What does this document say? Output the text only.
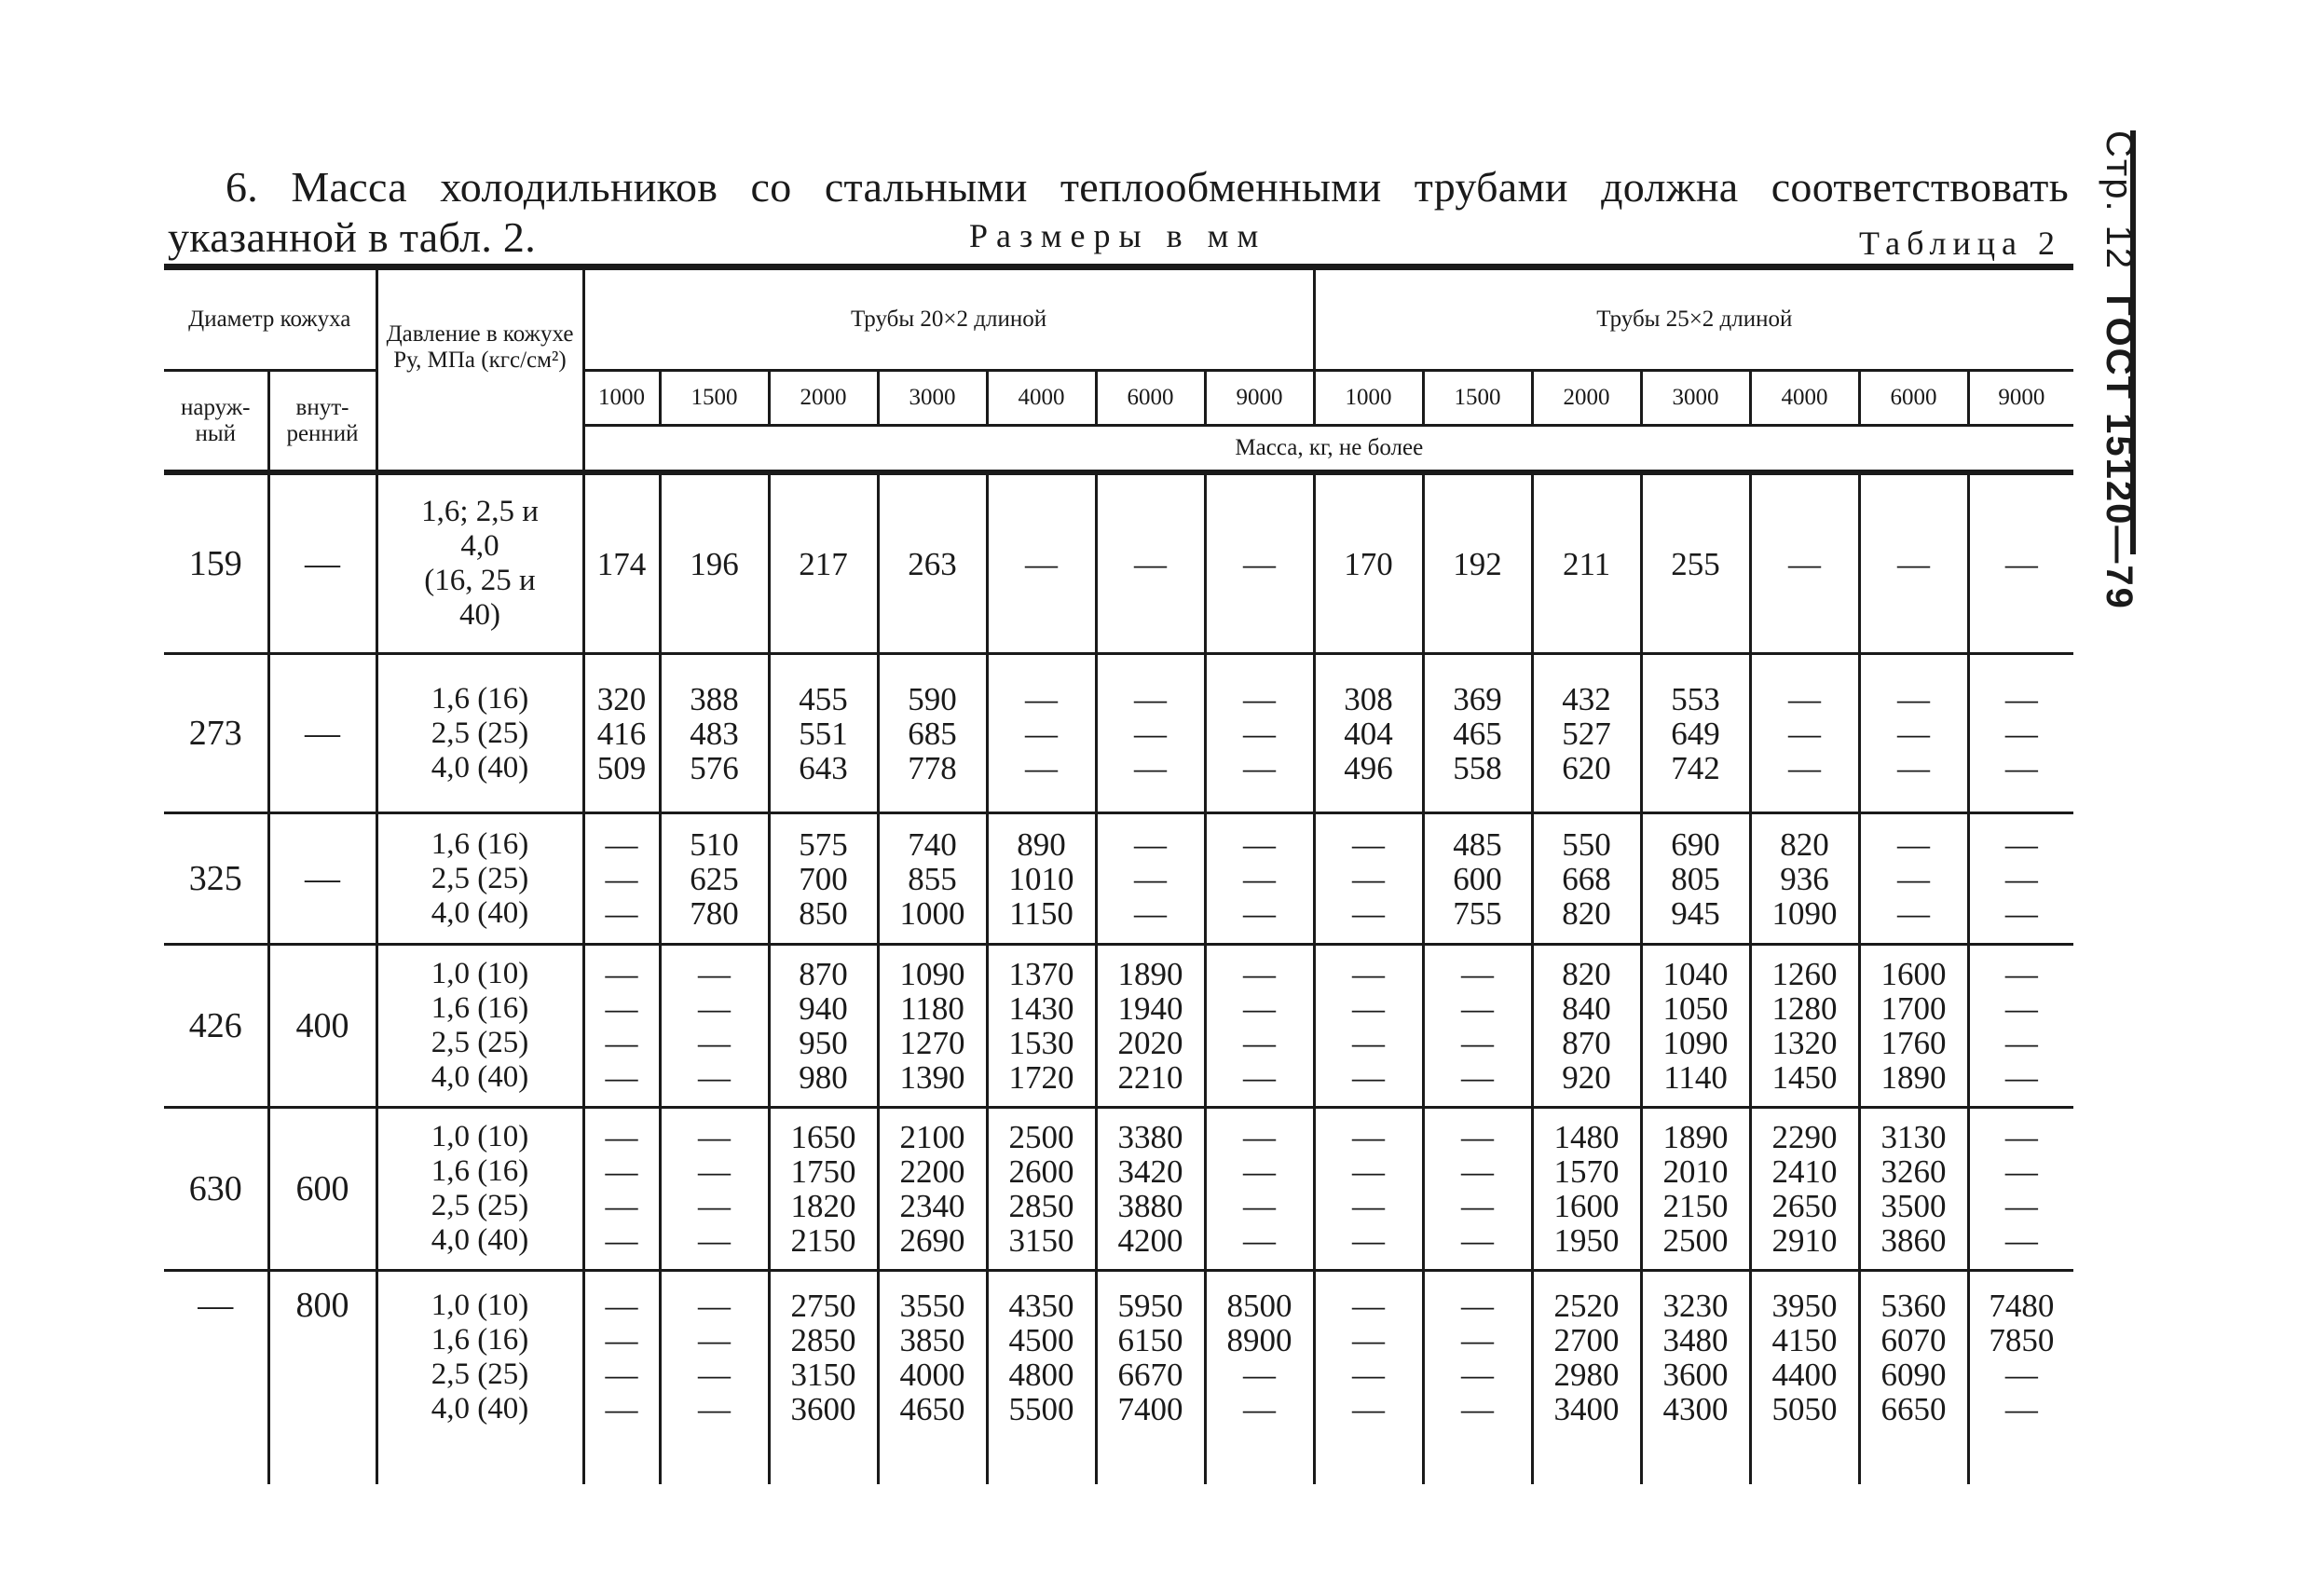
6. Масса холодильников со стальными теплообменными трубами должна соответствовать указанной в табл. 2.	Размеры в мм	Таблица 2 Стр. 12  ГОСТ 15120—79
Диаметр кожуха		Давление в кожухе Pу, МПа (кгс/см²)	Трубы 20×2 длиной							Трубы 25×2 длиной						
наруж-ный	внут-ренний		1000	1500	2000	3000	4000	6000	9000	1000	1500	2000	3000	4000	6000	9000
			Масса, кг, не более													

159	—	1,6; 2,5 и
4,0
(16, 25 и
40)	174	196	217	263	—	—	—	170	192	211	255	—	—	—

273	—	1,6 (16)
2,5 (25)
4,0 (40)	320
416
509	388
483
576	455
551
643	590
685
778	—
—
—	—
—
—	—
—
—	308
404
496	369
465
558	432
527
620	553
649
742	—
—
—	—
—
—	—
—
—

325	—	1,6 (16)
2,5 (25)
4,0 (40)	—
—
—	510
625
780	575
700
850	740
855
1000	890
1010
1150	—
—
—	—
—
—	—
—
—	485
600
755	550
668
820	690
805
945	820
936
1090	—
—
—	—
—
—

426	400	1,0 (10)
1,6 (16)
2,5 (25)
4,0 (40)	—
—
—
—	—
—
—
—	870
940
950
980	1090
1180
1270
1390	1370
1430
1530
1720	1890
1940
2020
2210	—
—
—
—	—
—
—
—	—
—
—
—	820
840
870
920	1040
1050
1090
1140	1260
1280
1320
1450	1600
1700
1760
1890	—
—
—
—

630	600	1,0 (10)
1,6 (16)
2,5 (25)
4,0 (40)	—
—
—
—	—
—
—
—	1650
1750
1820
2150	2100
2200
2340
2690	2500
2600
2850
3150	3380
3420
3880
4200	—
—
—
—	—
—
—
—	—
—
—
—	1480
1570
1600
1950	1890
2010
2150
2500	2290
2410
2650
2910	3130
3260
3500
3860	—
—
—
—

—	800	1,0 (10)
1,6 (16)
2,5 (25)
4,0 (40)	—
—
—
—	—
—
—
—	2750
2850
3150
3600	3550
3850
4000
4650	4350
4500
4800
5500	5950
6150
6670
7400	8500
8900
—
—	—
—
—
—	—
—
—
—	2520
2700
2980
3400	3230
3480
3600
4300	3950
4150
4400
5050	5360
6070
6090
6650	7480
7850
—
—
